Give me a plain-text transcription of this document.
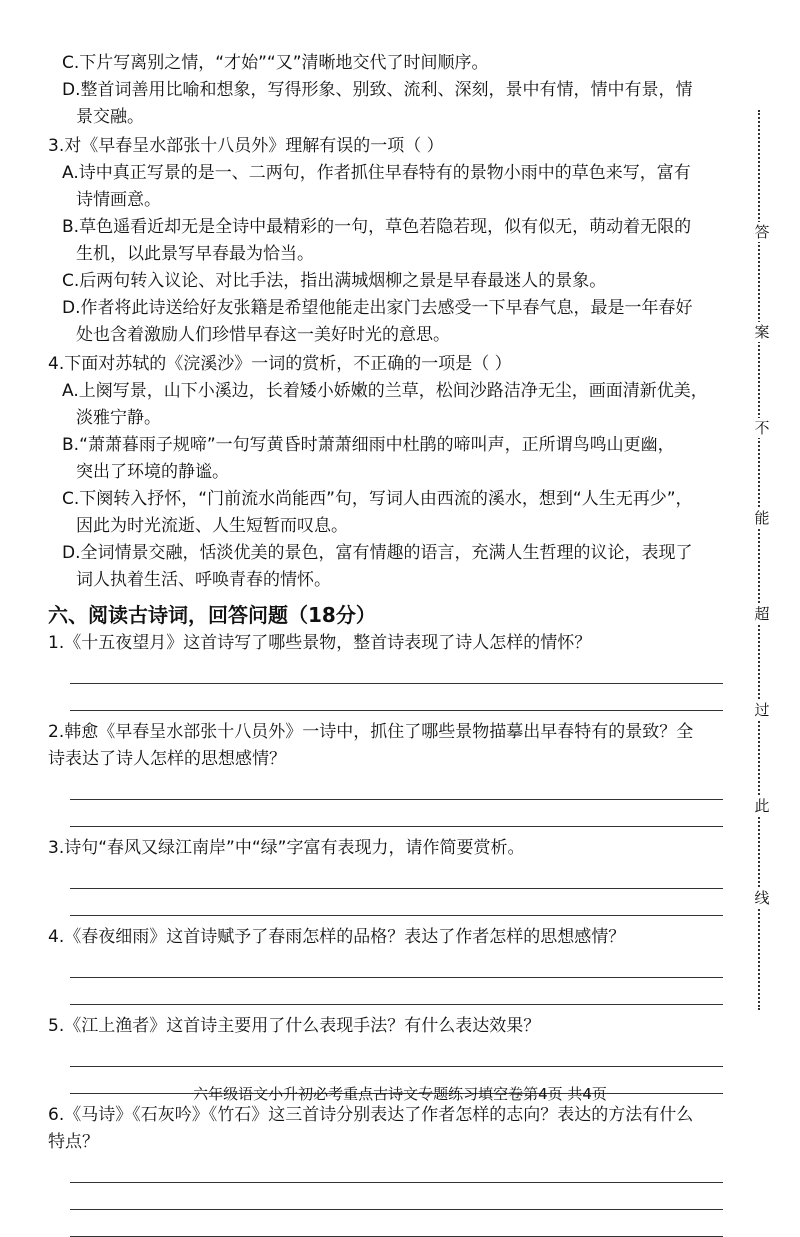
C.下片写离别之情，“才始”“又”清晰地交代了时间顺序。
D.整首词善用比喻和想象，写得形象、别致、流利、深刻，景中有情，情中有景，情
景交融。
3.对《早春呈水部张十八员外》理解有误的一项（ ）
A.诗中真正写景的是一、二两句，作者抓住早春特有的景物小雨中的草色来写，富有
诗情画意。
B.草色遥看近却无是全诗中最精彩的一句，草色若隐若现，似有似无，萌动着无限的
生机，以此景写早春最为恰当。
C.后两句转入议论、对比手法，指出满城烟柳之景是早春最迷人的景象。
D.作者将此诗送给好友张籍是希望他能走出家门去感受一下早春气息，最是一年春好
处也含着激励人们珍惜早春这一美好时光的意思。
4.下面对苏轼的《浣溪沙》一词的赏析，不正确的一项是（ ）
A.上阕写景，山下小溪边，长着矮小娇嫩的兰草，松间沙路洁净无尘，画面清新优美，
淡雅宁静。
B.“萧萧暮雨子规啼”一句写黄昏时萧萧细雨中杜鹃的啼叫声，正所谓鸟鸣山更幽，
突出了环境的静谧。
C.下阕转入抒怀，“门前流水尚能西”句，写词人由西流的溪水，想到“人生无再少”，
因此为时光流逝、人生短暂而叹息。
D.全词情景交融，恬淡优美的景色，富有情趣的语言，充满人生哲理的议论，表现了
词人执着生活、呼唤青春的情怀。
六、阅读古诗词，回答问题（18分）
1.《十五夜望月》这首诗写了哪些景物，整首诗表现了诗人怎样的情怀？
2.韩愈《早春呈水部张十八员外》一诗中，抓住了哪些景物描摹出早春特有的景致？全
诗表达了诗人怎样的思想感情？
3.诗句“春风又绿江南岸”中“绿”字富有表现力，请作简要赏析。
4.《春夜细雨》这首诗赋予了春雨怎样的品格？表达了作者怎样的思想感情？
5.《江上渔者》这首诗主要用了什么表现手法？有什么表达效果？
6.《马诗》《石灰吟》《竹石》这三首诗分别表达了作者怎样的志向？表达的方法有什么
特点？
答
案
不
能
超
过
此
线
六年级语文小升初必考重点古诗文专题练习填空卷第4页 共4页
